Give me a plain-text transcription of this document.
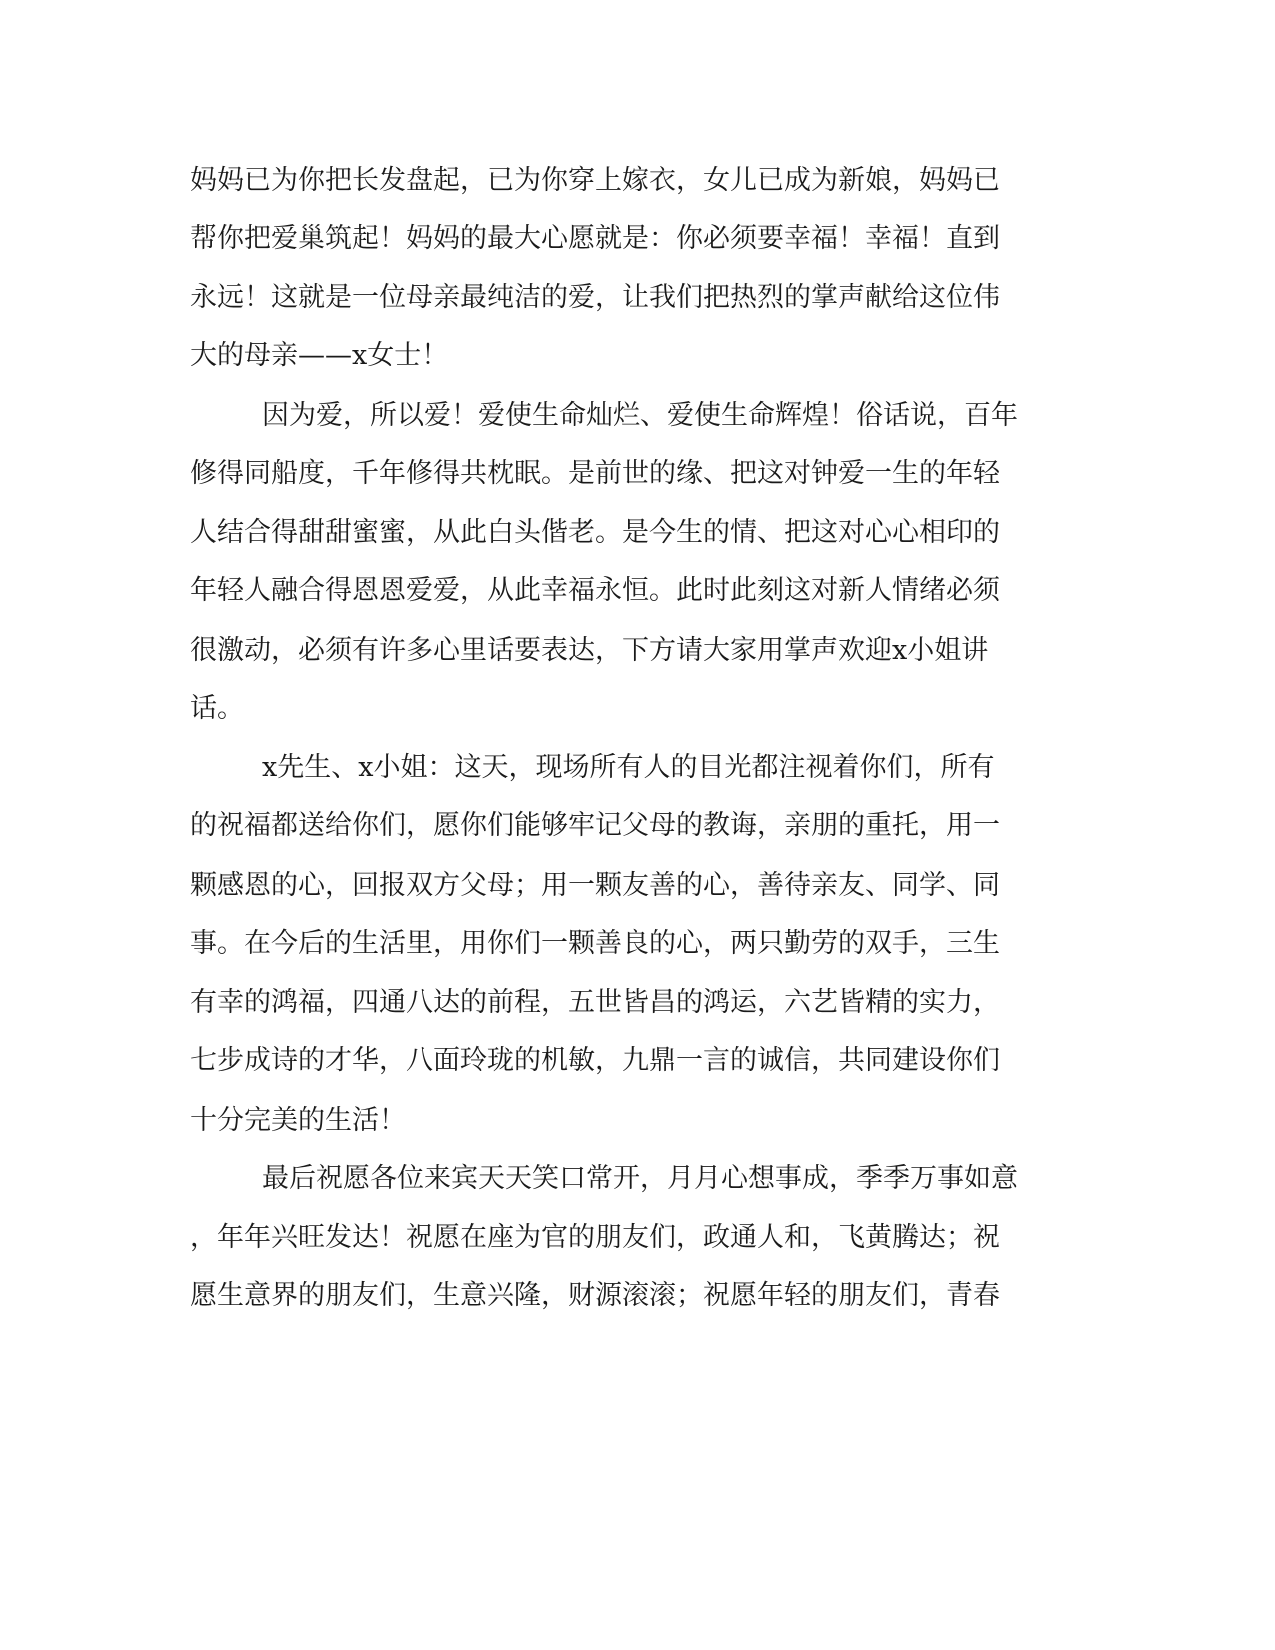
妈妈已为你把长发盘起，已为你穿上嫁衣，女儿已成为新娘，妈妈已

帮你把爱巢筑起！妈妈的最大心愿就是：你必须要幸福！幸福！直到

永远！这就是一位母亲最纯洁的爱，让我们把热烈的掌声献给这位伟

大的母亲——x女士！

因为爱，所以爱！爱使生命灿烂、爱使生命辉煌！俗话说，百年

修得同船度，千年修得共枕眠。是前世的缘、把这对钟爱一生的年轻

人结合得甜甜蜜蜜，从此白头偕老。是今生的情、把这对心心相印的

年轻人融合得恩恩爱爱，从此幸福永恒。此时此刻这对新人情绪必须

很激动，必须有许多心里话要表达，下方请大家用掌声欢迎x小姐讲

话。

x先生、x小姐：这天，现场所有人的目光都注视着你们，所有

的祝福都送给你们，愿你们能够牢记父母的教诲，亲朋的重托，用一

颗感恩的心，回报双方父母；用一颗友善的心，善待亲友、同学、同

事。在今后的生活里，用你们一颗善良的心，两只勤劳的双手，三生

有幸的鸿福，四通八达的前程，五世皆昌的鸿运，六艺皆精的实力，

七步成诗的才华，八面玲珑的机敏，九鼎一言的诚信，共同建设你们

十分完美的生活！

最后祝愿各位来宾天天笑口常开，月月心想事成，季季万事如意

，年年兴旺发达！祝愿在座为官的朋友们，政通人和，飞黄腾达；祝

愿生意界的朋友们，生意兴隆，财源滚滚；祝愿年轻的朋友们，青春
